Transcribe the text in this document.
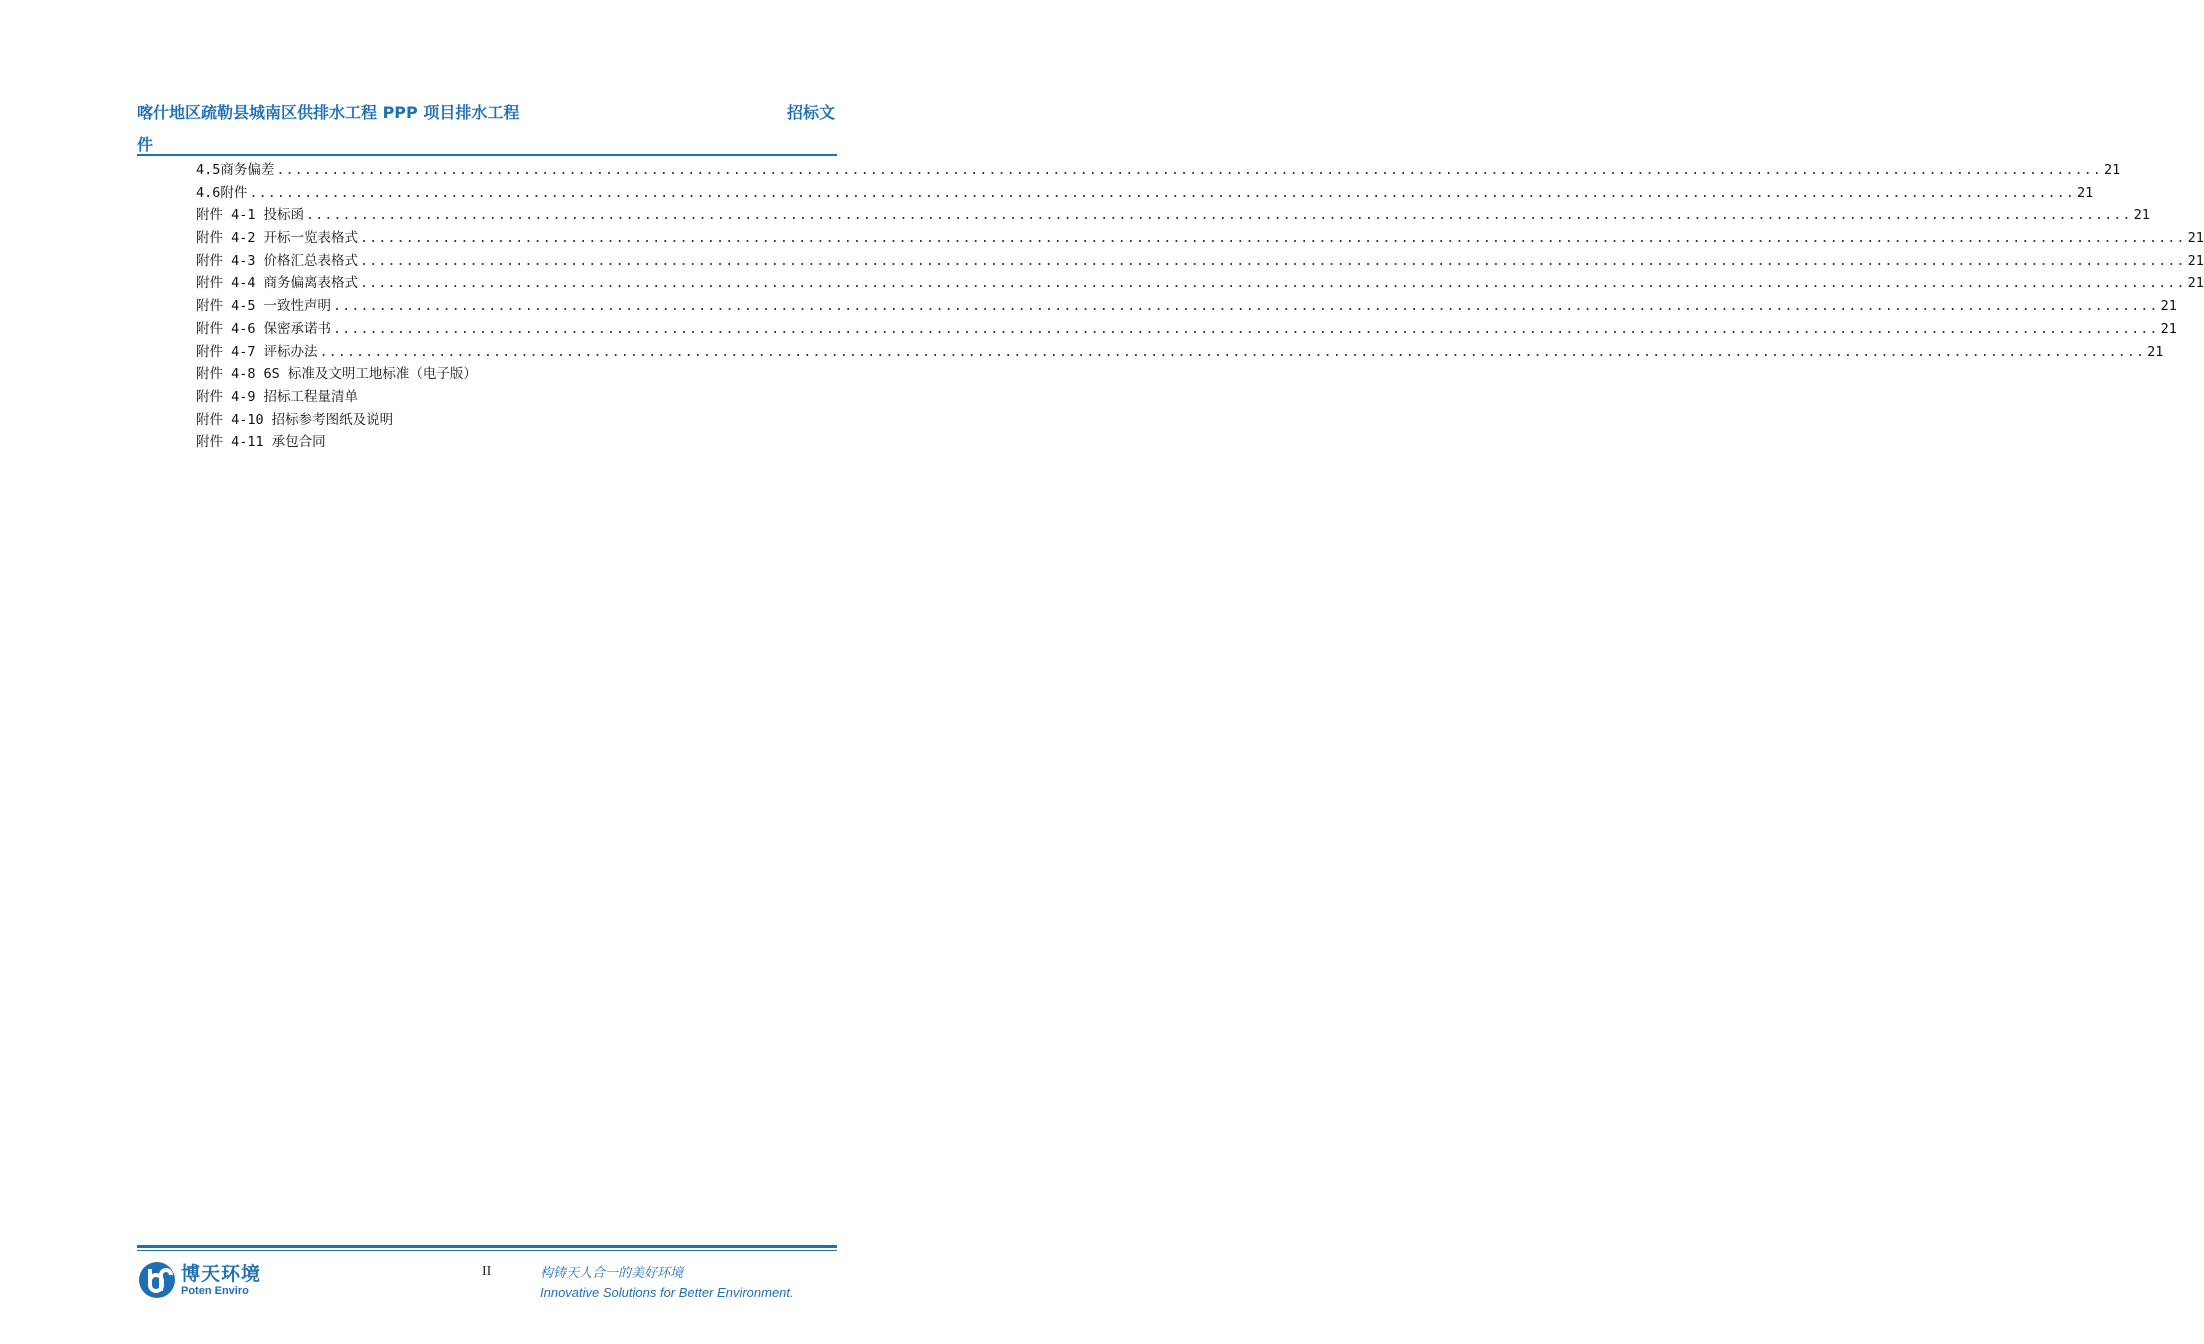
喀什地区疏勒县城南区供排水工程 PPP 项目排水工程	招标文
件
4.5 商务偏差 ........................................................................................................................................................................................................ 21
4.6 附件 ........................................................................................................................................................................................................ 21
附件 4-1 投标函 ........................................................................................................................................................................................................ 21
附件 4-2 开标一览表格式 ........................................................................................................................................................................................................ 21
附件 4-3 价格汇总表格式 ........................................................................................................................................................................................................ 21
附件 4-4 商务偏离表格式 ........................................................................................................................................................................................................ 21
附件 4-5 一致性声明 ........................................................................................................................................................................................................ 21
附件 4-6 保密承诺书 ........................................................................................................................................................................................................ 21
附件 4-7 评标办法 ........................................................................................................................................................................................................ 21
附件 4-8 6S 标准及文明工地标准（电子版）
附件 4-9 招标工程量清单
附件 4-10 招标参考图纸及说明
附件 4-11 承包合同
博天环境
Poten Enviro
II	构铸天人合一的美好环境
Innovative Solutions for Better Environment.
